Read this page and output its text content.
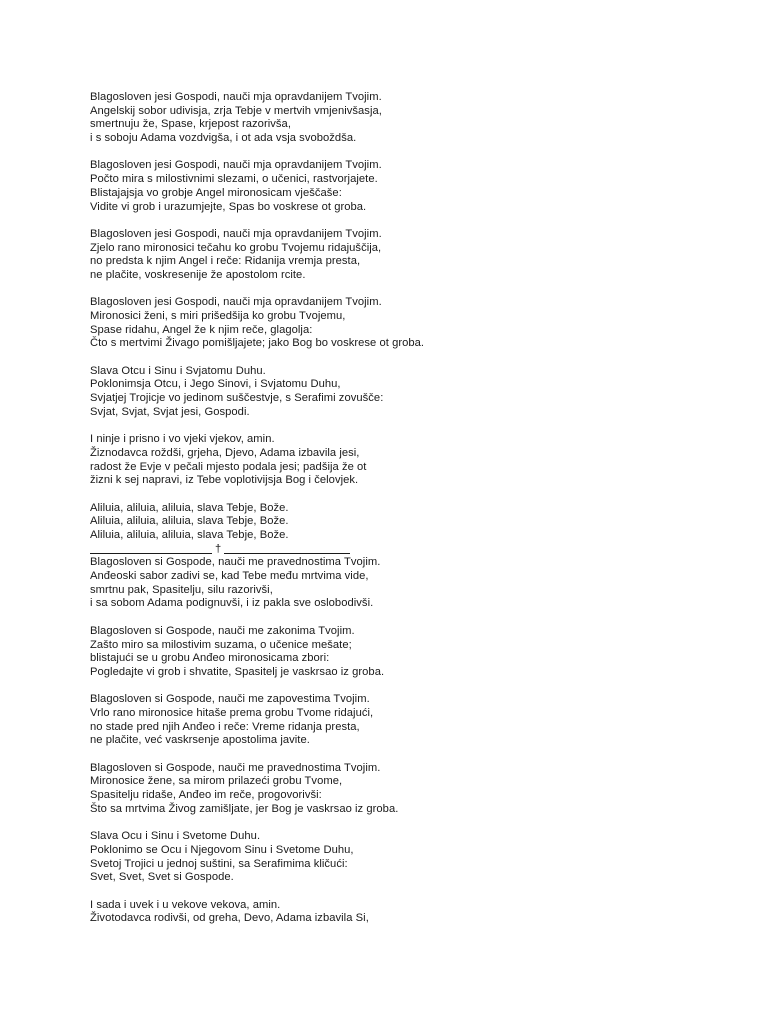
Blagosloven jesi Gospodi, nauči mja opravdanijem Tvojim.
Angelskij sobor udivisja, zrja Tebje v mertvih vmjenivšasja,
smertnuju že, Spase, krjepost razorivša,
i s soboju Adama vozdvigša, i ot ada vsja svoboždša.
Blagosloven jesi Gospodi, nauči mja opravdanijem Tvojim.
Počto mira s milostivnimi slezami, o učenici, rastvorjajete.
Blistajajsja vo grobje Angel mironosicam vješčaše:
Vidite vi grob i urazumjejte, Spas bo voskrese ot groba.
Blagosloven jesi Gospodi, nauči mja opravdanijem Tvojim.
Zjelo rano mironosici tečahu ko grobu Tvojemu ridajuščija,
no predsta k njim Angel i reče: Ridanija vremja presta,
ne plačite, voskresenije že apostolom rcite.
Blagosloven jesi Gospodi, nauči mja opravdanijem Tvojim.
Mironosici ženi, s miri prišedšija ko grobu Tvojemu,
Spase ridahu, Angel že k njim reče, glagolja:
Čto s mertvimi Živago pomišljajete; jako Bog bo voskrese ot groba.
Slava Otcu i Sinu i Svjatomu Duhu.
Poklonimsja Otcu, i Jego Sinovi, i Svjatomu Duhu,
Svjatjej Trojicje vo jedinom suščestvje, s Serafimi zovušče:
Svjat, Svjat, Svjat jesi, Gospodi.
I ninje i prisno i vo vjeki vjekov, amin.
Žiznodavca roždši, grjeha, Djevo, Adama izbavila jesi,
radost že Evje v pečali mjesto podala jesi; padšija že ot
žizni k sej napravi, iz Tebe voplotivijsja Bog i čelovjek.
Aliluia, aliluia, aliluia, slava Tebje, Bože.
Aliluia, aliluia, aliluia, slava Tebje, Bože.
Aliluia, aliluia, aliluia, slava Tebje, Bože.
†
Blagosloven si Gospode, nauči me pravednostima Tvojim.
Anđeoski sabor zadivi se, kad Tebe među mrtvima vide,
smrtnu pak, Spasitelju, silu razorivši,
i sa sobom Adama podignuvši, i iz pakla sve oslobodivši.
Blagosloven si Gospode, nauči me zakonima Tvojim.
Zašto miro sa milostivim suzama, o učenice mešate;
blistajući se u grobu Anđeo mironosicama zbori:
Pogledajte vi grob i shvatite, Spasitelj je vaskrsao iz groba.
Blagosloven si Gospode, nauči me zapovestima Tvojim.
Vrlo rano mironosice hitaše prema grobu Tvome ridajući,
no stade pred njih Anđeo i reče: Vreme ridanja presta,
ne plačite, već vaskrsenje apostolima javite.
Blagosloven si Gospode, nauči me pravednostima Tvojim.
Mironosice žene, sa mirom prilazeći grobu Tvome,
Spasitelju ridaše, Anđeo im reče, progovorivši:
Što sa mrtvima Živog zamišljate, jer Bog je vaskrsao iz groba.
Slava Ocu i Sinu i Svetome Duhu.
Poklonimo se Ocu i Njegovom Sinu i Svetome Duhu,
Svetoj Trojici u jednoj suštini, sa Serafimima kličući:
Svet, Svet, Svet si Gospode.
I sada i uvek i u vekove vekova, amin.
Životodavca rodivši, od greha, Devo, Adama izbavila Si,
